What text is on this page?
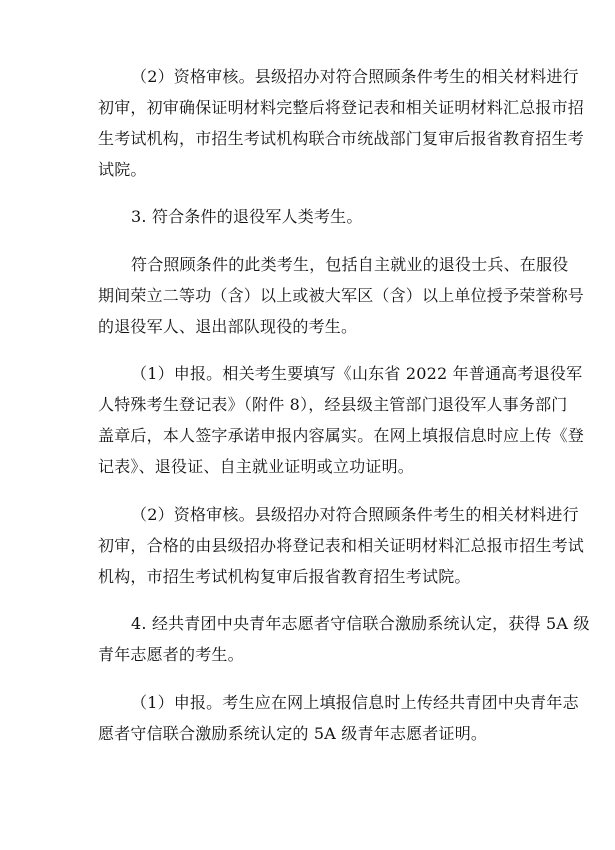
（2）资格审核。县级招办对符合照顾条件考生的相关材料进行
初审，初审确保证明材料完整后将登记表和相关证明材料汇总报市招
生考试机构，市招生考试机构联合市统战部门复审后报省教育招生考
试院。
3. 符合条件的退役军人类考生。
符合照顾条件的此类考生，包括自主就业的退役士兵、在服役
期间荣立二等功（含）以上或被大军区（含）以上单位授予荣誉称号
的退役军人、退出部队现役的考生。
（1）申报。相关考生要填写《山东省 2022 年普通高考退役军
人特殊考生登记表》（附件 8），经县级主管部门退役军人事务部门
盖章后，本人签字承诺申报内容属实。在网上填报信息时应上传《登
记表》、退役证、自主就业证明或立功证明。
（2）资格审核。县级招办对符合照顾条件考生的相关材料进行
初审，合格的由县级招办将登记表和相关证明材料汇总报市招生考试
机构，市招生考试机构复审后报省教育招生考试院。
4. 经共青团中央青年志愿者守信联合激励系统认定，获得 5A 级
青年志愿者的考生。
（1）申报。考生应在网上填报信息时上传经共青团中央青年志
愿者守信联合激励系统认定的 5A 级青年志愿者证明。
